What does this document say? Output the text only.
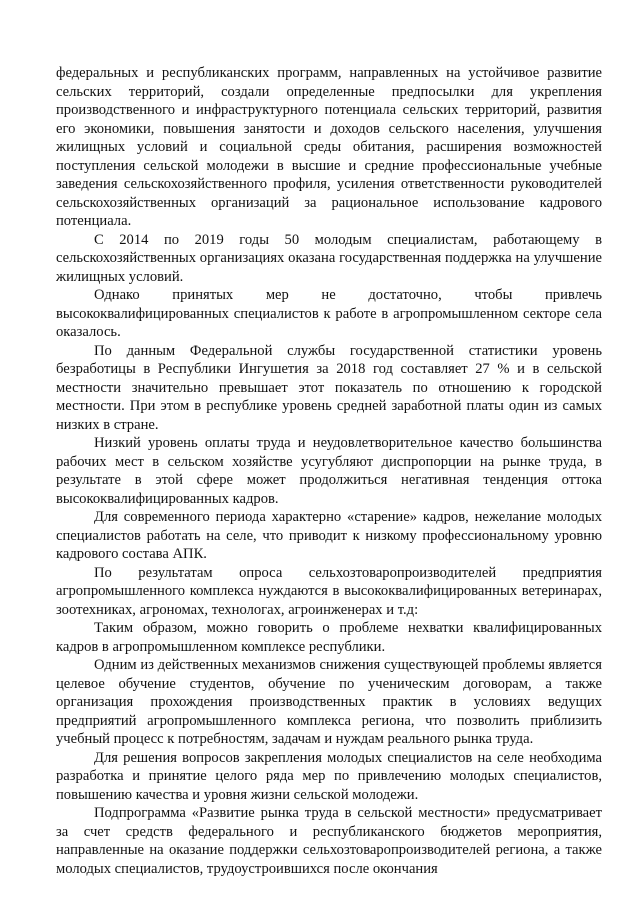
федеральных и республиканских программ, направленных на устойчивое развитие сельских территорий, создали определенные предпосылки для укрепления производственного и инфраструктурного потенциала сельских территорий, развития его экономики, повышения занятости и доходов сельского населения, улучшения жилищных условий и социальной среды обитания, расширения возможностей поступления сельской молодежи в высшие и средние профессиональные учебные заведения сельскохозяйственного профиля, усиления ответственности руководителей сельскохозяйственных организаций за рациональное использование кадрового потенциала.

С 2014 по 2019 годы 50 молодым специалистам, работающему в сельскохозяйственных организациях оказана государственная поддержка на улучшение жилищных условий.

Однако принятых мер не достаточно, чтобы привлечь высококвалифицированных специалистов к работе в агропромышленном секторе села оказалось.

По данным Федеральной службы государственной статистики уровень безработицы в Республики Ингушетия за 2018 год составляет 27 % и в сельской местности значительно превышает этот показатель по отношению к городской местности. При этом в республике уровень средней заработной платы один из самых низких в стране.

Низкий уровень оплаты труда и неудовлетворительное качество большинства рабочих мест в сельском хозяйстве усугубляют диспропорции на рынке труда, в результате в этой сфере может продолжиться негативная тенденция оттока высококвалифицированных кадров.

Для современного периода характерно «старение» кадров, нежелание молодых специалистов работать на селе, что приводит к низкому профессиональному уровню кадрового состава АПК.

По результатам опроса сельхозтоваропроизводителей предприятия агропромышленного комплекса нуждаются в высококвалифицированных ветеринарах, зоотехниках, агрономах, технологах, агроинженерах и т.д:

Таким образом, можно говорить о проблеме нехватки квалифицированных кадров в агропромышленном комплексе республики.

Одним из действенных механизмов снижения существующей проблемы является целевое обучение студентов, обучение по ученическим договорам, а также организация прохождения производственных практик в условиях ведущих предприятий агропромышленного комплекса региона, что позволить приблизить учебный процесс к потребностям, задачам и нуждам реального рынка труда.

Для решения вопросов закрепления молодых специалистов на селе необходима разработка и принятие целого ряда мер по привлечению молодых специалистов, повышению качества и уровня жизни сельской молодежи.

Подпрограмма «Развитие рынка труда в сельской местности» предусматривает за счет средств федерального и республиканского бюджетов мероприятия, направленные на оказание поддержки сельхозтоваропроизводителей региона, а также молодых специалистов, трудоустроившихся после окончания
